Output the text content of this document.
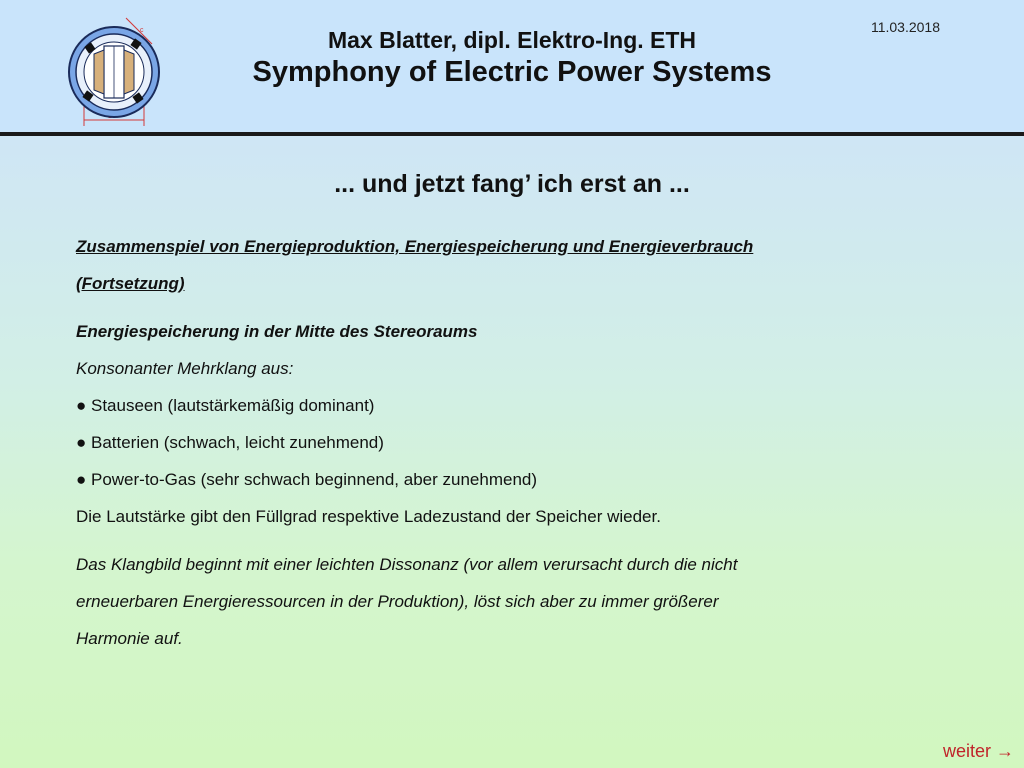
c	Max Blatter, dipl. Elektro-Ing. ETH
Symphony of Electric Power Systems
11.03.2018
... und jetzt fang’ ich erst an ...
Zusammenspiel von Energieproduktion, Energiespeicherung und Energieverbrauch
(Fortsetzung)
Energiespeicherung in der Mitte des Stereoraums
Konsonanter Mehrklang aus:
● Stauseen (lautstärkemäßig dominant)
● Batterien (schwach, leicht zunehmend)
● Power-to-Gas (sehr schwach beginnend, aber zunehmend)
Die Lautstärke gibt den Füllgrad respektive Ladezustand der Speicher wieder.
Das Klangbild beginnt mit einer leichten Dissonanz (vor allem verursacht durch die nicht
erneuerbaren Energieressourcen in der Produktion), löst sich aber zu immer größerer
Harmonie auf.
weiter →
